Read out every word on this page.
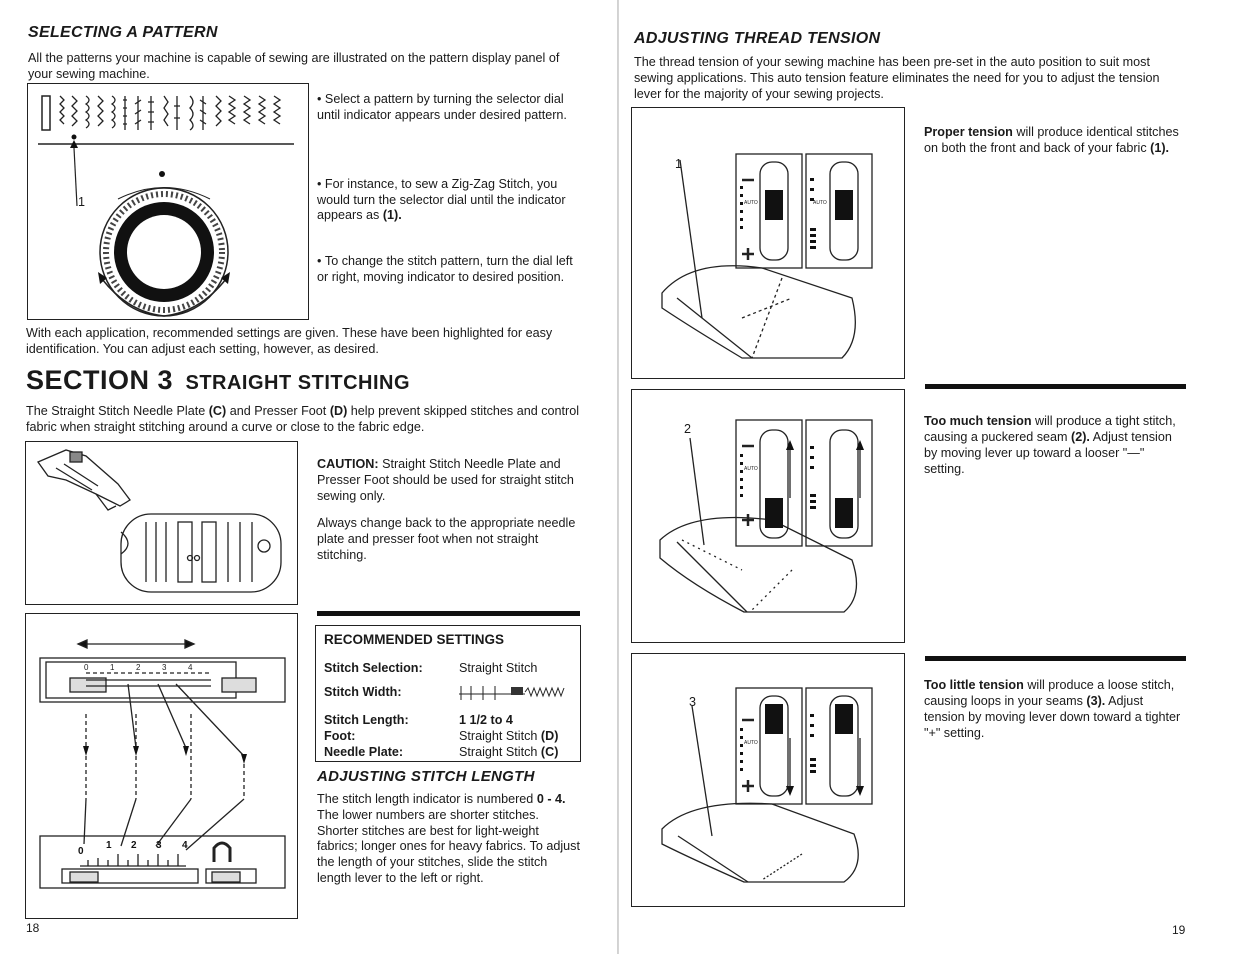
SELECTING A PATTERN
All the patterns your machine is capable of sewing are illustrated on the pattern display panel of your sewing machine.
1
• Select a pattern by turning the selector dial until indicator appears under desired pattern.
• For instance, to sew a Zig-Zag Stitch, you would turn the selector dial until the indicator appears as (1).
• To change the stitch pattern, turn the dial left or right, moving indicator to desired position.
With each application, recommended settings are given. These have been highlighted for easy identification. You can adjust each setting, however, as desired.
SECTION 3 STRAIGHT STITCHING
The Straight Stitch Needle Plate (C) and Presser Foot (D) help prevent skipped stitches and control fabric when straight stitching around a curve or close to the fabric edge.
CAUTION: Straight Stitch Needle Plate and Presser Foot should be used for straight stitch sewing only.
Always change back to the appropriate needle plate and presser foot when not straight stitching.
0	1	2	3	4
0
1 2 3 4
RECOMMENDED SETTINGS
Stitch Selection:	Straight Stitch
Stitch Width:
Stitch Length:	1 1/2 to 4
Foot:	Straight Stitch
(D)
Needle Plate:	Straight Stitch
(C)
ADJUSTING STITCH LENGTH
The stitch length indicator is numbered 0 - 4. The lower numbers are shorter stitches. Shorter stitches are best for light-weight fabrics; longer ones for heavy fabrics. To adjust the length of your stitches, slide the stitch length lever to the left or right.
18
ADJUSTING THREAD TENSION
The thread tension of your sewing machine has been pre-set in the auto position to suit most sewing applications. This auto tension feature eliminates the need for you to adjust the tension lever for the majority of your sewing projects.
AUTO	AUTO
1
Proper tension will produce identical stitches on both the front and back of your fabric (1).
AUTO
2
Too much tension will produce a tight stitch, causing a puckered seam (2). Adjust tension by moving lever up toward a looser "—" setting.
AUTO
3
Too little tension will produce a loose stitch, causing loops in your seams (3). Adjust tension by moving lever down toward a tighter "+" setting.
19
